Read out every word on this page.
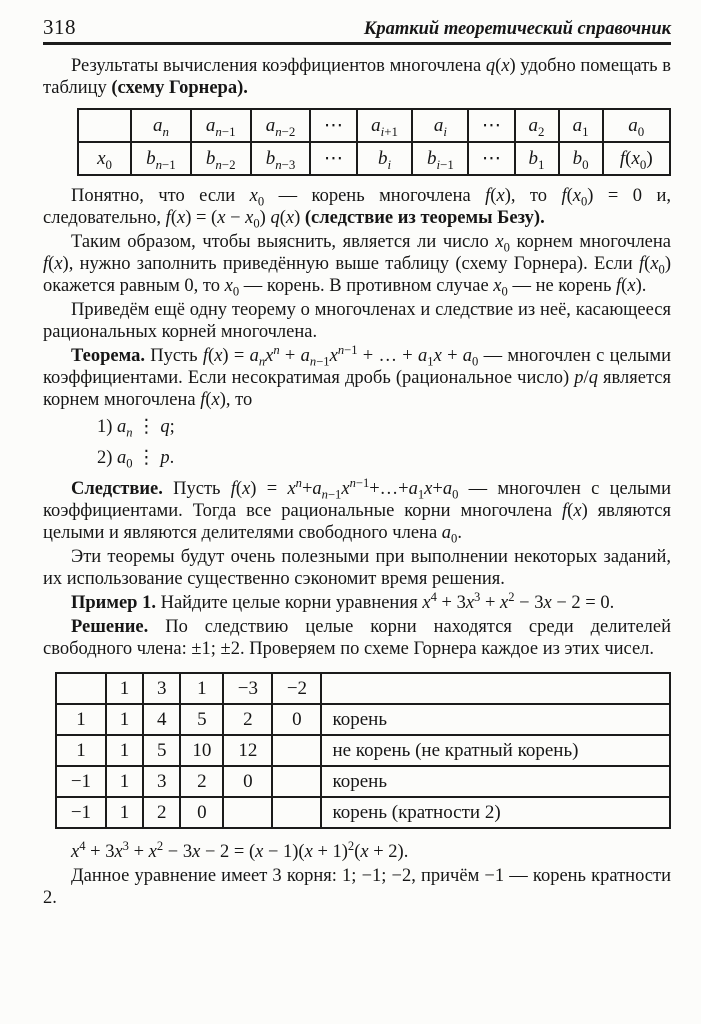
318	Краткий теоретический справочник

Результаты вычисления коэффициентов многочлена q(x) удобно помещать в таблицу (схему Горнера).

	$a_n$	$a_{n-1}$	$a_{n-2}$	⋯	$a_{i+1}$	$a_i$	⋯	$a_2$	$a_1$	$a_0$
$x_0$	$b_{n-1}$	$b_{n-2}$	$b_{n-3}$	⋯	$b_i$	$b_{i-1}$	⋯	$b_1$	$b_0$	$f(x_0)$

Понятно, что если $x_0$ — корень многочлена f(x), то $f(x_0) = 0$ и, следовательно, $f(x) = (x - x_0)$ q(x) (следствие из теоремы Безу).

Таким образом, чтобы выяснить, является ли число $x_0$ корнем многочлена f(x), нужно заполнить приведённую выше таблицу (схему Горнера). Если $f(x_0)$ окажется равным 0, то $x_0$ — корень. В противном случае $x_0$ — не корень f(x).

Приведём ещё одну теорему о многочленах и следствие из неё, касающееся рациональных корней многочлена.

Теорема. Пусть $f(x) = a_nx^n + a_{n-1}x^{n-1}$ + … + $a_1x + a_0$ — многочлен с целыми коэффициентами. Если несократимая дробь (рациональное число) p/q является корнем многочлена f(x), то

1) $a_n$ ⋮ q;

2) $a_0$ ⋮ p.

Следствие. Пусть $f(x) = x^n+a_{n-1}x^{n-1}+\dots+a_1x+a_0$ — многочлен с целыми коэффициентами. Тогда все рациональные корни многочлена f(x) являются целыми и являются делителями свободного члена $a_0$.

Эти теоремы будут очень полезными при выполнении некоторых заданий, их использование существенно сэкономит время решения.

Пример 1. Найдите целые корни уравнения $x^4 + 3x^3 + x^2 - 3x - 2 = 0$.

Решение. По следствию целые корни находятся среди делителей свободного члена: ±1; ±2. Проверяем по схеме Горнера каждое из этих чисел.

	1	3	1	−3	−2	
1	1	4	5	2	0	корень
1	1	5	10	12		не корень (не кратный корень)
−1	1	3	2	0		корень
−1	1	2	0			корень (кратности 2)

$x^4 + 3x^3 + x^2 - 3x - 2 = (x - 1)(x + 1)^2(x + 2)$.

Данное уравнение имеет 3 корня: 1; −1; −2, причём −1 — корень кратности 2.
